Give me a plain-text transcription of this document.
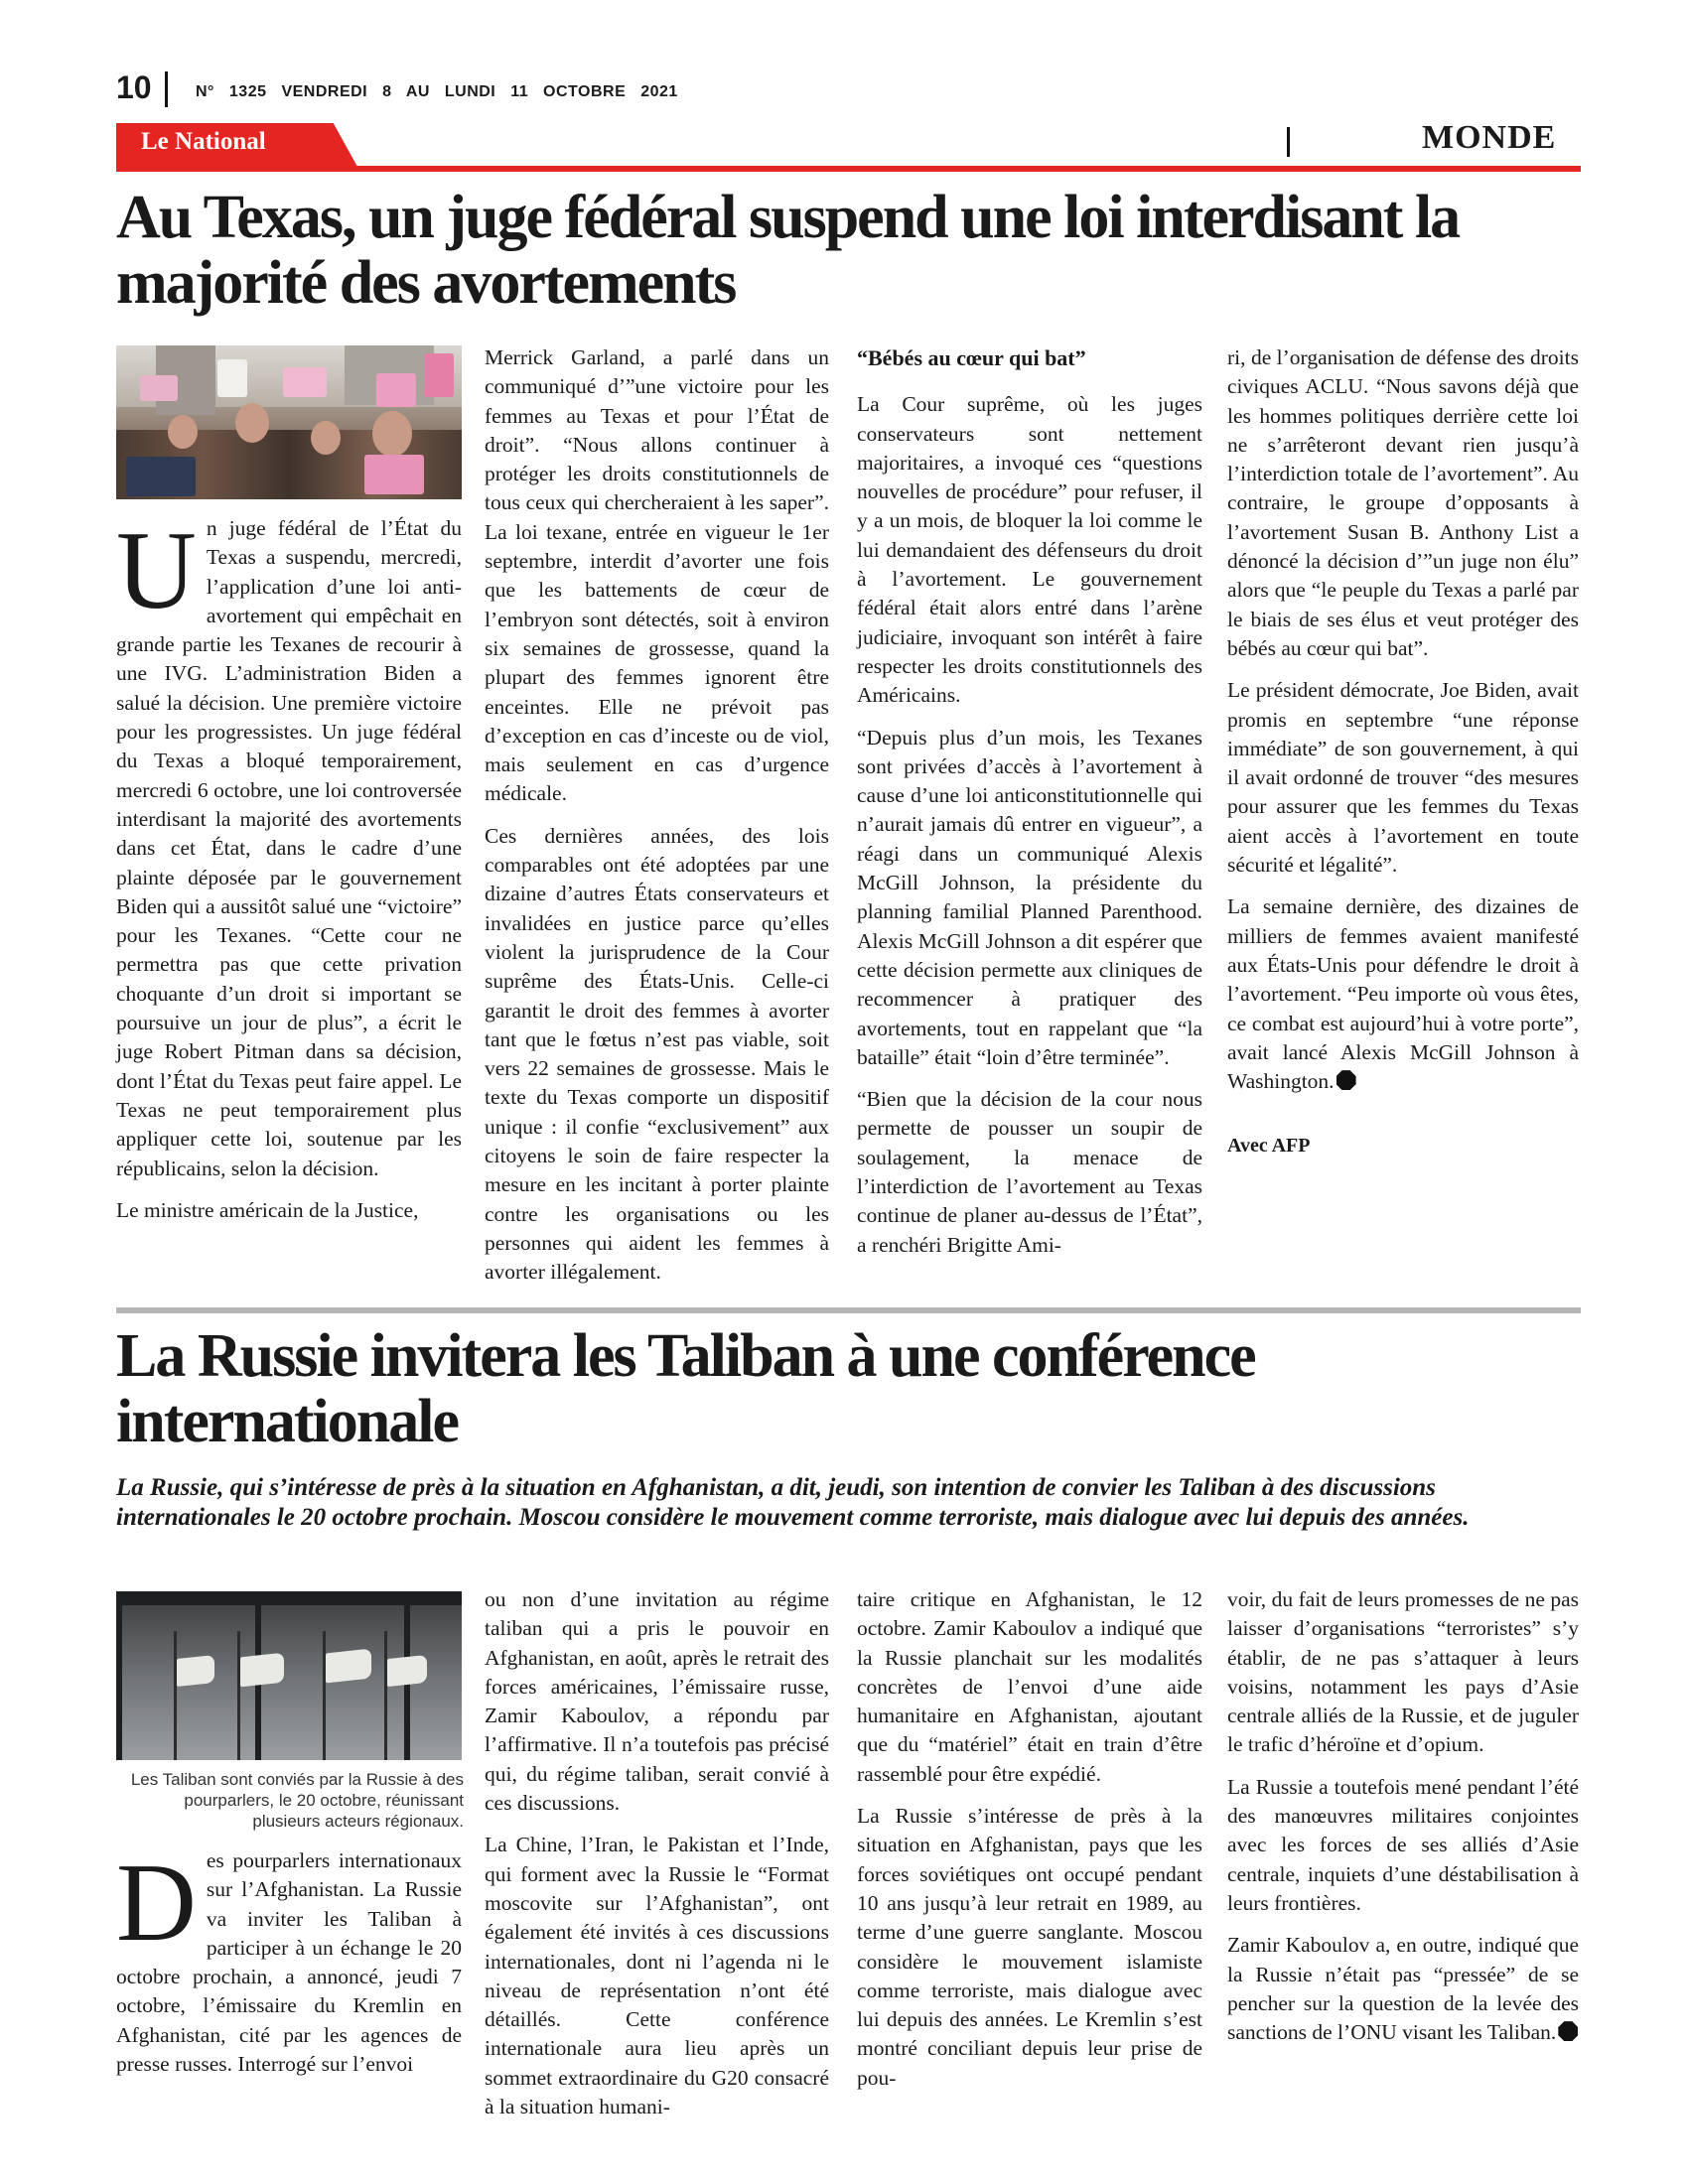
10	N° 1325 VENDREDI 8 AU LUNDI 11 OCTOBRE 2021
Le National	MONDE
Au Texas, un juge fédéral suspend une loi interdisant la majorité des avortements

Un juge fédéral de l’État du Texas a suspendu, mercredi, l’application d’une loi anti-avortement qui empêchait en grande partie les Texanes de recourir à une IVG. L’administration Biden a salué la décision. Une première victoire pour les progressistes. Un juge fédéral du Texas a bloqué temporairement, mercredi 6 octobre, une loi controversée interdisant la majorité des avortements dans cet État, dans le cadre d’une plainte déposée par le gouvernement Biden qui a aussitôt salué une “victoire” pour les Texanes. “Cette cour ne permettra pas que cette privation choquante d’un droit si important se poursuive un jour de plus”, a écrit le juge Robert Pitman dans sa décision, dont l’État du Texas peut faire appel. Le Texas ne peut temporairement plus appliquer cette loi, soutenue par les républicains, selon la décision.

Le ministre américain de la Justice,

Merrick Garland, a parlé dans un communiqué d’”une victoire pour les femmes au Texas et pour l’État de droit”. “Nous allons continuer à protéger les droits constitutionnels de tous ceux qui chercheraient à les saper”. La loi texane, entrée en vigueur le 1er septembre, interdit d’avorter une fois que les battements de cœur de l’embryon sont détectés, soit à environ six semaines de grossesse, quand la plupart des femmes ignorent être enceintes. Elle ne prévoit pas d’exception en cas d’inceste ou de viol, mais seulement en cas d’urgence médicale.

Ces dernières années, des lois comparables ont été adoptées par une dizaine d’autres États conservateurs et invalidées en justice parce qu’elles violent la jurisprudence de la Cour suprême des États-Unis. Celle-ci garantit le droit des femmes à avorter tant que le fœtus n’est pas viable, soit vers 22 semaines de grossesse. Mais le texte du Texas comporte un dispositif unique : il confie “exclusivement” aux citoyens le soin de faire respecter la mesure en les incitant à porter plainte contre les organisations ou les personnes qui aident les femmes à avorter illégalement.

“Bébés au cœur qui bat”

La Cour suprême, où les juges conservateurs sont nettement majoritaires, a invoqué ces “questions nouvelles de procédure” pour refuser, il y a un mois, de bloquer la loi comme le lui demandaient des défenseurs du droit à l’avortement. Le gouvernement fédéral était alors entré dans l’arène judiciaire, invoquant son intérêt à faire respecter les droits constitutionnels des Américains.

“Depuis plus d’un mois, les Texanes sont privées d’accès à l’avortement à cause d’une loi anticonstitutionnelle qui n’aurait jamais dû entrer en vigueur”, a réagi dans un communiqué Alexis McGill Johnson, la présidente du planning familial Planned Parenthood. Alexis McGill Johnson a dit espérer que cette décision permette aux cliniques de recommencer à pratiquer des avortements, tout en rappelant que “la bataille” était “loin d’être terminée”.

“Bien que la décision de la cour nous permette de pousser un soupir de soulagement, la menace de l’interdiction de l’avortement au Texas continue de planer au-dessus de l’État”, a renchéri Brigitte Ami-

ri, de l’organisation de défense des droits civiques ACLU. “Nous savons déjà que les hommes politiques derrière cette loi ne s’arrêteront devant rien jusqu’à l’interdiction totale de l’avortement”. Au contraire, le groupe d’opposants à l’avortement Susan B. Anthony List a dénoncé la décision d’”un juge non élu” alors que “le peuple du Texas a parlé par le biais de ses élus et veut protéger des bébés au cœur qui bat”.

Le président démocrate, Joe Biden, avait promis en septembre “une réponse immédiate” de son gouvernement, à qui il avait ordonné de trouver “des mesures pour assurer que les femmes du Texas aient accès à l’avortement en toute sécurité et légalité”.

La semaine dernière, des dizaines de milliers de femmes avaient manifesté aux États-Unis pour défendre le droit à l’avortement. “Peu importe où vous êtes, ce combat est aujourd’hui à votre porte”, avait lancé Alexis McGill Johnson à Washington.

Avec AFP

La Russie invitera les Taliban à une conférence internationale
La Russie, qui s’intéresse de près à la situation en Afghanistan, a dit, jeudi, son intention de convier les Taliban à des discussions internationales le 20 octobre prochain. Moscou considère le mouvement comme terroriste, mais dialogue avec lui depuis des années.
Les Taliban sont conviés par la Russie à des pourparlers, le 20 octobre, réunissant plusieurs acteurs régionaux.

Des pourparlers internationaux sur l’Afghanistan. La Russie va inviter les Taliban à participer à un échange le 20 octobre prochain, a annoncé, jeudi 7 octobre, l’émissaire du Kremlin en Afghanistan, cité par les agences de presse russes. Interrogé sur l’envoi

ou non d’une invitation au régime taliban qui a pris le pouvoir en Afghanistan, en août, après le retrait des forces américaines, l’émissaire russe, Zamir Kaboulov, a répondu par l’affirmative. Il n’a toutefois pas précisé qui, du régime taliban, serait convié à ces discussions.

La Chine, l’Iran, le Pakistan et l’Inde, qui forment avec la Russie le “Format moscovite sur l’Afghanistan”, ont également été invités à ces discussions internationales, dont ni l’agenda ni le niveau de représentation n’ont été détaillés. Cette conférence internationale aura lieu après un sommet extraordinaire du G20 consacré à la situation humani-

taire critique en Afghanistan, le 12 octobre. Zamir Kaboulov a indiqué que la Russie planchait sur les modalités concrètes de l’envoi d’une aide humanitaire en Afghanistan, ajoutant que du “matériel” était en train d’être rassemblé pour être expédié.

La Russie s’intéresse de près à la situation en Afghanistan, pays que les forces soviétiques ont occupé pendant 10 ans jusqu’à leur retrait en 1989, au terme d’une guerre sanglante. Moscou considère le mouvement islamiste comme terroriste, mais dialogue avec lui depuis des années. Le Kremlin s’est montré conciliant depuis leur prise de pou-

voir, du fait de leurs promesses de ne pas laisser d’organisations “terroristes” s’y établir, de ne pas s’attaquer à leurs voisins, notamment les pays d’Asie centrale alliés de la Russie, et de juguler le trafic d’héroïne et d’opium.

La Russie a toutefois mené pendant l’été des manœuvres militaires conjointes avec les forces de ses alliés d’Asie centrale, inquiets d’une déstabilisation à leurs frontières.

Zamir Kaboulov a, en outre, indiqué que la Russie n’était pas “pressée” de se pencher sur la question de la levée des sanctions de l’ONU visant les Taliban.
